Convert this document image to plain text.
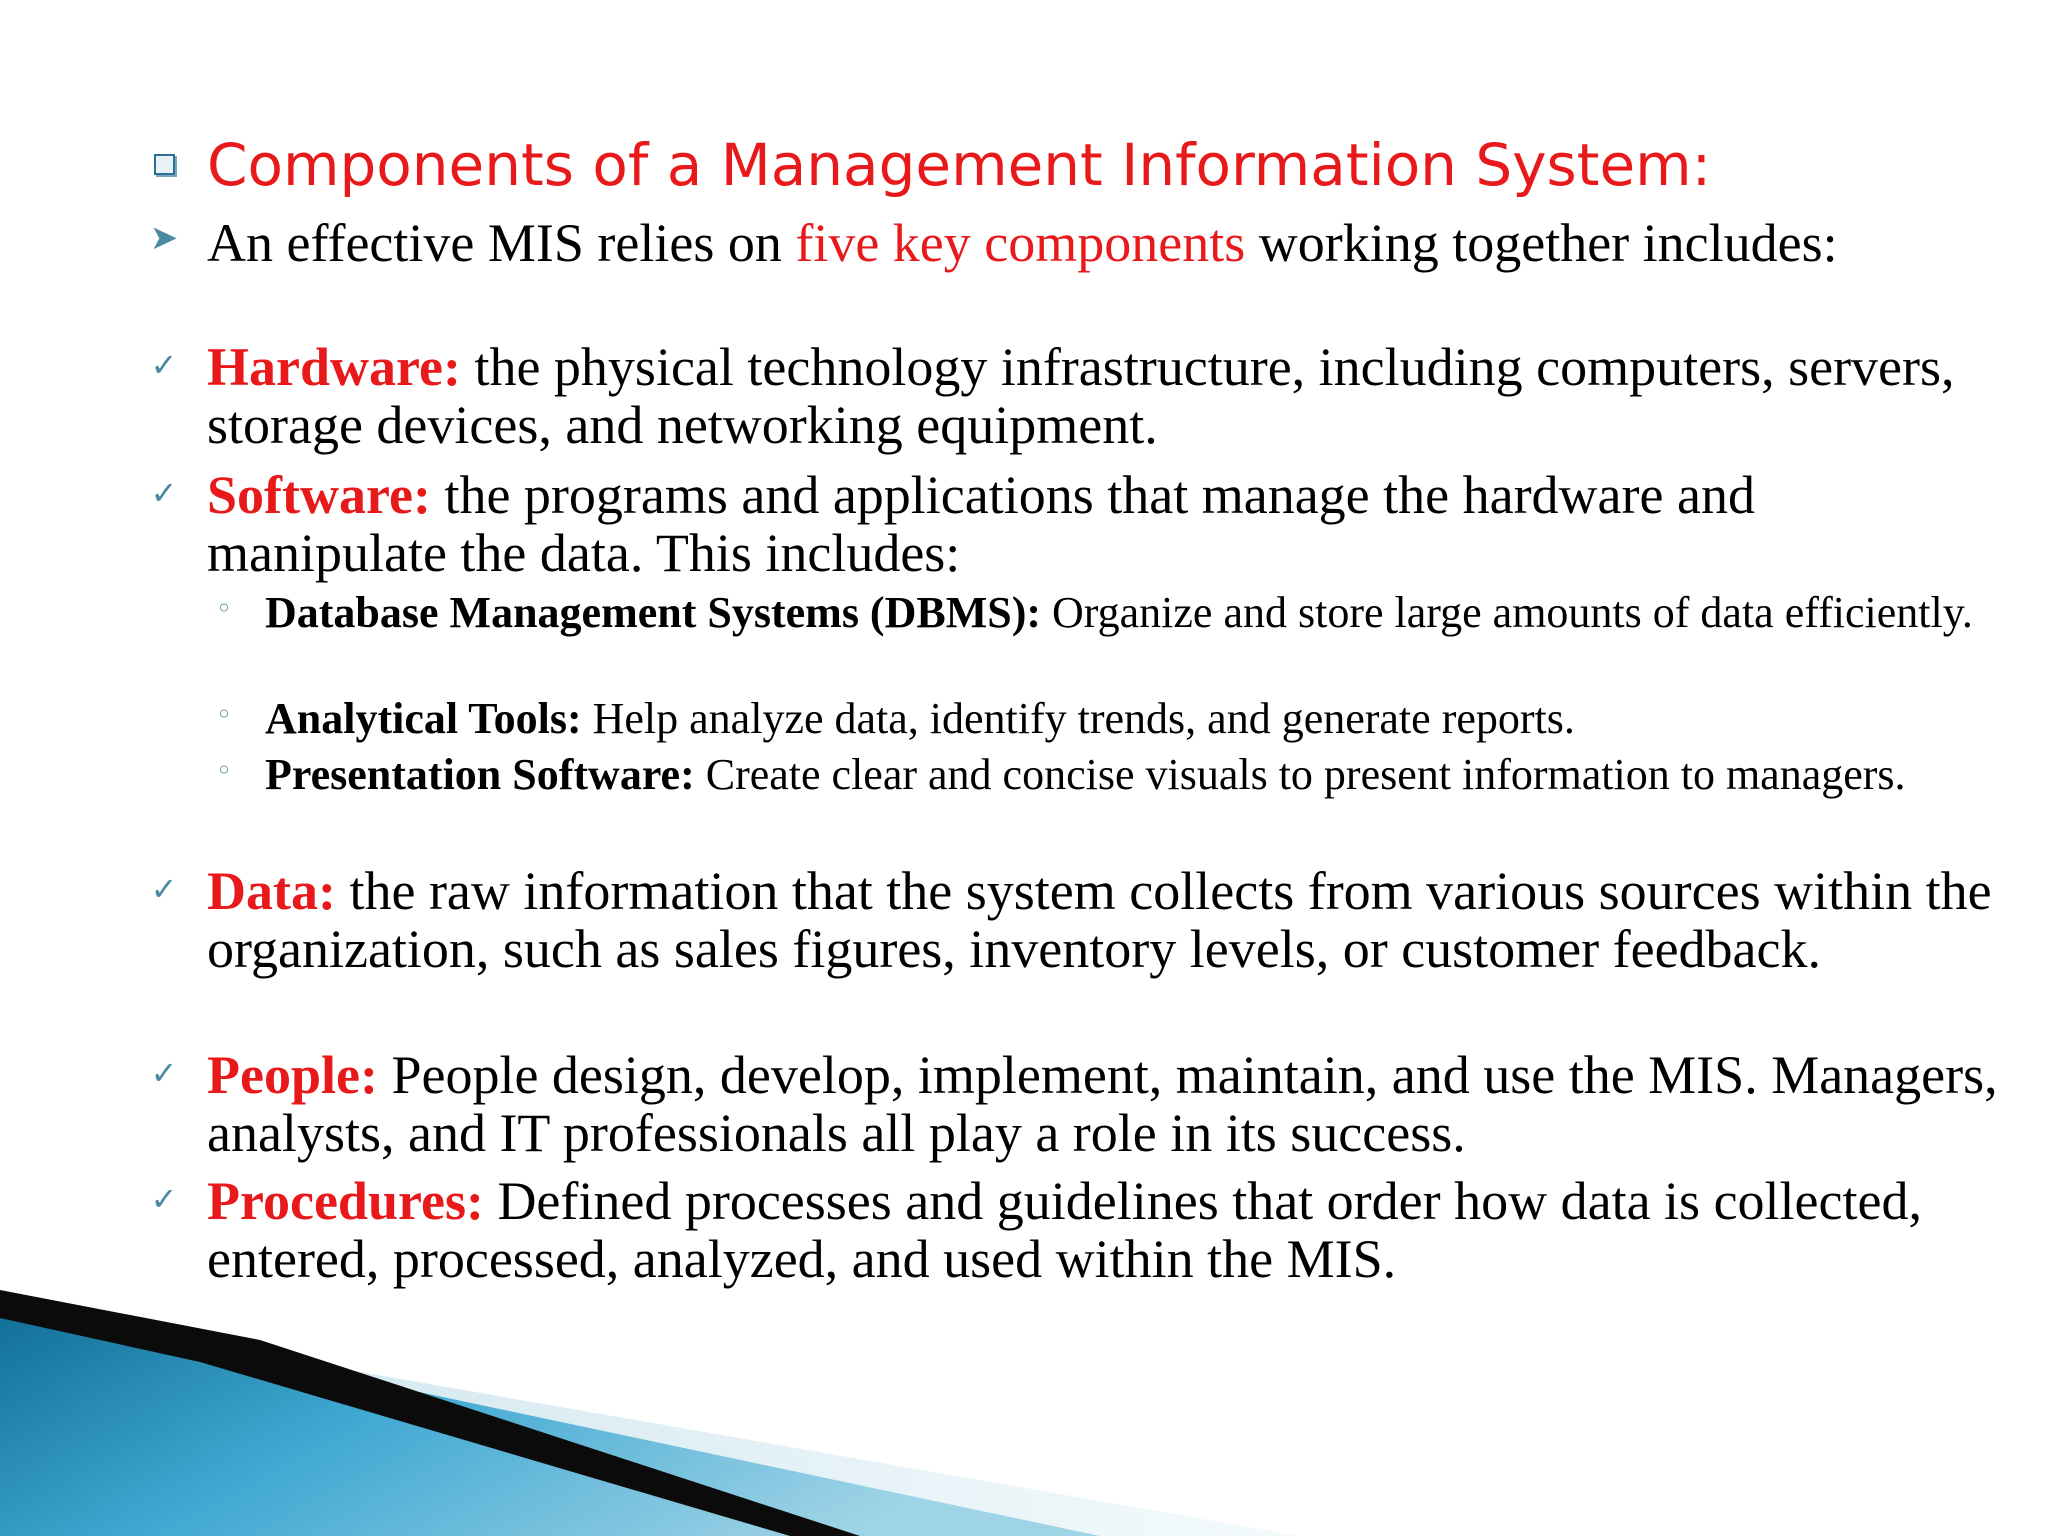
Components of a Management Information System:
➤ An effective MIS relies on five key components working together includes:
✓ Hardware: the physical technology infrastructure, including computers, servers, storage devices, and networking equipment.
✓ Software: the programs and applications that manage the hardware and manipulate the data. This includes:
◦ Database Management Systems (DBMS): Organize and store large amounts of data efficiently.
◦ Analytical Tools: Help analyze data, identify trends, and generate reports.
◦ Presentation Software: Create clear and concise visuals to present information to managers.
✓ Data: the raw information that the system collects from various sources within the organization, such as sales figures, inventory levels, or customer feedback.
✓ People: People design, develop, implement, maintain, and use the MIS. Managers, analysts, and IT professionals all play a role in its success.
✓ Procedures: Defined processes and guidelines that order how data is collected, entered, processed, analyzed, and used within the MIS.
